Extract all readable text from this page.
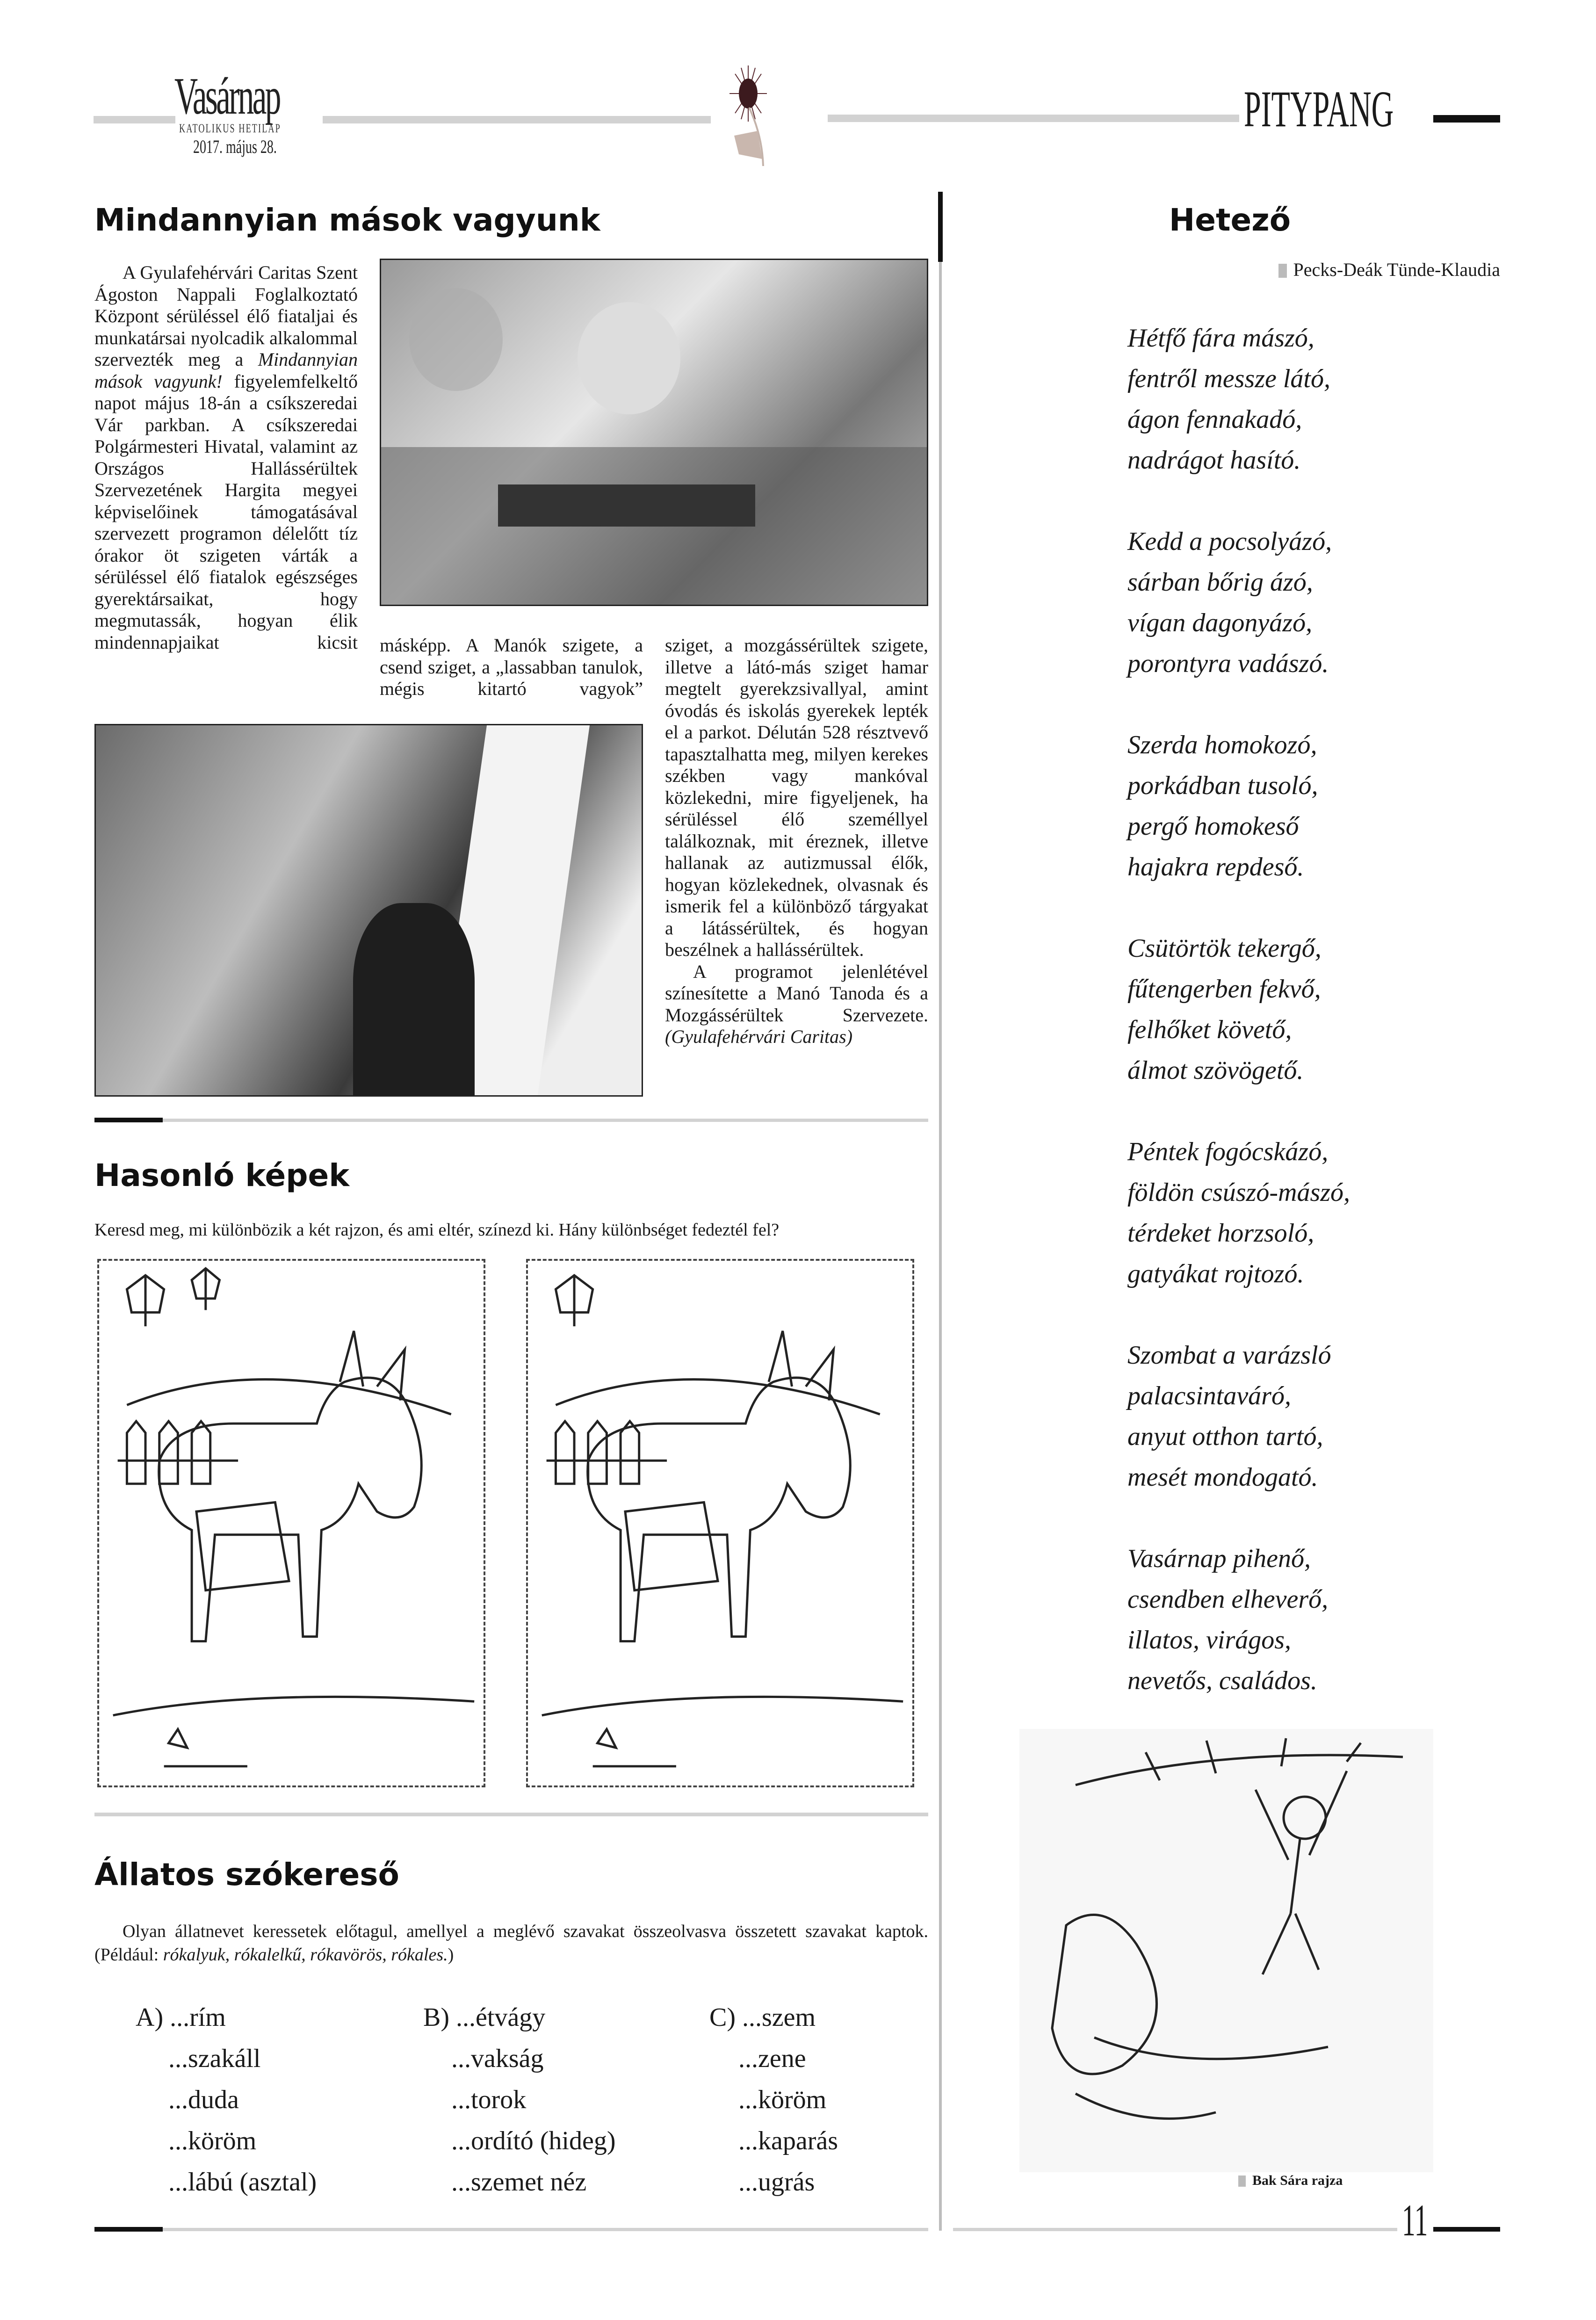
Vasárnap
KATOLIKUS HETILAP
2017. május 28.
PITYPANG
Mindannyian mások vagyunk

A Gyulafehérvári Caritas Szent Ágoston Nappali Foglalkoztató Központ sérüléssel élő fiataljai és munkatársai nyolcadik alkalommal szervezték meg a Mindannyian mások vagyunk! figyelemfelkeltő napot május 18-án a csíkszeredai Vár parkban. A csíkszeredai Polgármesteri Hivatal, valamint az Országos Hallássérültek Szervezetének Hargita megyei képviselőinek támogatásával szervezett programon délelőtt tíz órakor öt szigeten várták a sérüléssel élő fiatalok egészséges gyerektársaikat, hogy megmutassák, hogyan élik mindennapjaikat kicsit másképp. A Manók szigete, a csend sziget, a „lassabban tanulok, mégis kitartó vagyok”

sziget, a mozgássérültek szigete, illetve a látó-más sziget hamar megtelt gyerekzsivallyal, amint óvodás és iskolás gyerekek lepték el a parkot. Délután 528 résztvevő tapasztalhatta meg, milyen kerekes székben vagy mankóval közlekedni, mire figyeljenek, ha sérüléssel élő személlyel találkoznak, mit éreznek, illetve hallanak az autizmussal élők, hogyan közlekednek, olvasnak és ismerik fel a különböző tárgyakat a látássérültek, és hogyan beszélnek a hallássérültek.

A programot jelenlétével színesítette a Manó Tanoda és a Mozgássérültek Szervezete.

(Gyulafehérvári Caritas)

Hasonló képek
Keresd meg, mi különbözik a két rajzon, és ami eltér, színezd ki. Hány különbséget fedeztél fel?
Állatos szókereső
Olyan állatnevet keressetek előtagul, amellyel a meglévő szavakat összeolvasva összetett szavakat kaptok. (Például: rókalyuk, rókalelkű, rókavörös, rókales.)
A) ...rím
...szakáll
...duda
...köröm
...lábú (asztal)
B) ...étvágy
...vakság
...torok
...ordító (hideg)
...szemet néz
C) ...szem
...zene
...köröm
...kaparás
...ugrás
Hetező
Pecks-Deák Tünde-Klaudia
Hétfő fára mászó,
fentről messze látó,
ágon fennakadó,
nadrágot hasító.
Kedd a pocsolyázó,
sárban bőrig ázó,
vígan dagonyázó,
porontyra vadászó.
Szerda homokozó,
porkádban tusoló,
pergő homokeső
hajakra repdeső.
Csütörtök tekergő,
fűtengerben fekvő,
felhőket követő,
álmot szövögető.
Péntek fogócskázó,
földön csúszó-mászó,
térdeket horzsoló,
gatyákat rojtozó.
Szombat a varázsló
palacsintaváró,
anyut otthon tartó,
mesét mondogató.
Vasárnap pihenő,
csendben elheverő,
illatos, virágos,
nevetős, családos.
Bak Sára rajza
11
